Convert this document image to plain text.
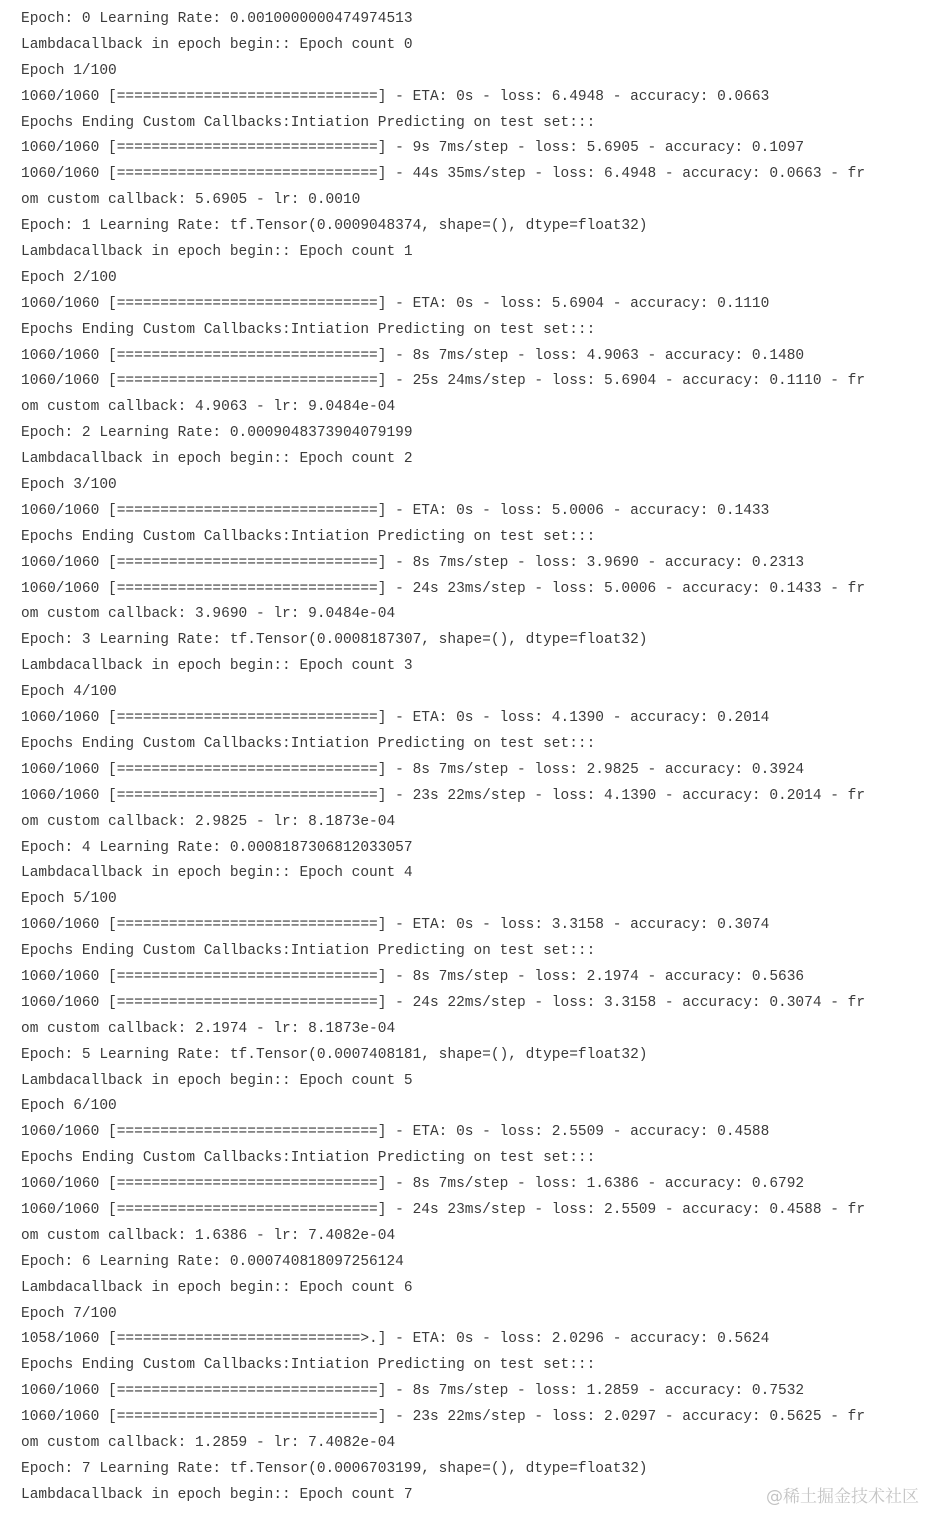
Epoch: 0 Learning Rate: 0.0010000000474974513
Lambdacallback in epoch begin:: Epoch count 0
Epoch 1/100
1060/1060 [==============================] - ETA: 0s - loss: 6.4948 - accuracy: 0.0663
Epochs Ending Custom Callbacks:Intiation Predicting on test set:::
1060/1060 [==============================] - 9s 7ms/step - loss: 5.6905 - accuracy: 0.1097
1060/1060 [==============================] - 44s 35ms/step - loss: 6.4948 - accuracy: 0.0663 - fr
om custom callback: 5.6905 - lr: 0.0010
Epoch: 1 Learning Rate: tf.Tensor(0.0009048374, shape=(), dtype=float32)
Lambdacallback in epoch begin:: Epoch count 1
Epoch 2/100
1060/1060 [==============================] - ETA: 0s - loss: 5.6904 - accuracy: 0.1110
Epochs Ending Custom Callbacks:Intiation Predicting on test set:::
1060/1060 [==============================] - 8s 7ms/step - loss: 4.9063 - accuracy: 0.1480
1060/1060 [==============================] - 25s 24ms/step - loss: 5.6904 - accuracy: 0.1110 - fr
om custom callback: 4.9063 - lr: 9.0484e-04
Epoch: 2 Learning Rate: 0.0009048373904079199
Lambdacallback in epoch begin:: Epoch count 2
Epoch 3/100
1060/1060 [==============================] - ETA: 0s - loss: 5.0006 - accuracy: 0.1433
Epochs Ending Custom Callbacks:Intiation Predicting on test set:::
1060/1060 [==============================] - 8s 7ms/step - loss: 3.9690 - accuracy: 0.2313
1060/1060 [==============================] - 24s 23ms/step - loss: 5.0006 - accuracy: 0.1433 - fr
om custom callback: 3.9690 - lr: 9.0484e-04
Epoch: 3 Learning Rate: tf.Tensor(0.0008187307, shape=(), dtype=float32)
Lambdacallback in epoch begin:: Epoch count 3
Epoch 4/100
1060/1060 [==============================] - ETA: 0s - loss: 4.1390 - accuracy: 0.2014
Epochs Ending Custom Callbacks:Intiation Predicting on test set:::
1060/1060 [==============================] - 8s 7ms/step - loss: 2.9825 - accuracy: 0.3924
1060/1060 [==============================] - 23s 22ms/step - loss: 4.1390 - accuracy: 0.2014 - fr
om custom callback: 2.9825 - lr: 8.1873e-04
Epoch: 4 Learning Rate: 0.0008187306812033057
Lambdacallback in epoch begin:: Epoch count 4
Epoch 5/100
1060/1060 [==============================] - ETA: 0s - loss: 3.3158 - accuracy: 0.3074
Epochs Ending Custom Callbacks:Intiation Predicting on test set:::
1060/1060 [==============================] - 8s 7ms/step - loss: 2.1974 - accuracy: 0.5636
1060/1060 [==============================] - 24s 22ms/step - loss: 3.3158 - accuracy: 0.3074 - fr
om custom callback: 2.1974 - lr: 8.1873e-04
Epoch: 5 Learning Rate: tf.Tensor(0.0007408181, shape=(), dtype=float32)
Lambdacallback in epoch begin:: Epoch count 5
Epoch 6/100
1060/1060 [==============================] - ETA: 0s - loss: 2.5509 - accuracy: 0.4588
Epochs Ending Custom Callbacks:Intiation Predicting on test set:::
1060/1060 [==============================] - 8s 7ms/step - loss: 1.6386 - accuracy: 0.6792
1060/1060 [==============================] - 24s 23ms/step - loss: 2.5509 - accuracy: 0.4588 - fr
om custom callback: 1.6386 - lr: 7.4082e-04
Epoch: 6 Learning Rate: 0.000740818097256124
Lambdacallback in epoch begin:: Epoch count 6
Epoch 7/100
1058/1060 [============================>.] - ETA: 0s - loss: 2.0296 - accuracy: 0.5624
Epochs Ending Custom Callbacks:Intiation Predicting on test set:::
1060/1060 [==============================] - 8s 7ms/step - loss: 1.2859 - accuracy: 0.7532
1060/1060 [==============================] - 23s 22ms/step - loss: 2.0297 - accuracy: 0.5625 - fr
om custom callback: 1.2859 - lr: 7.4082e-04
Epoch: 7 Learning Rate: tf.Tensor(0.0006703199, shape=(), dtype=float32)
Lambdacallback in epoch begin:: Epoch count 7	@稀土掘金技术社区
